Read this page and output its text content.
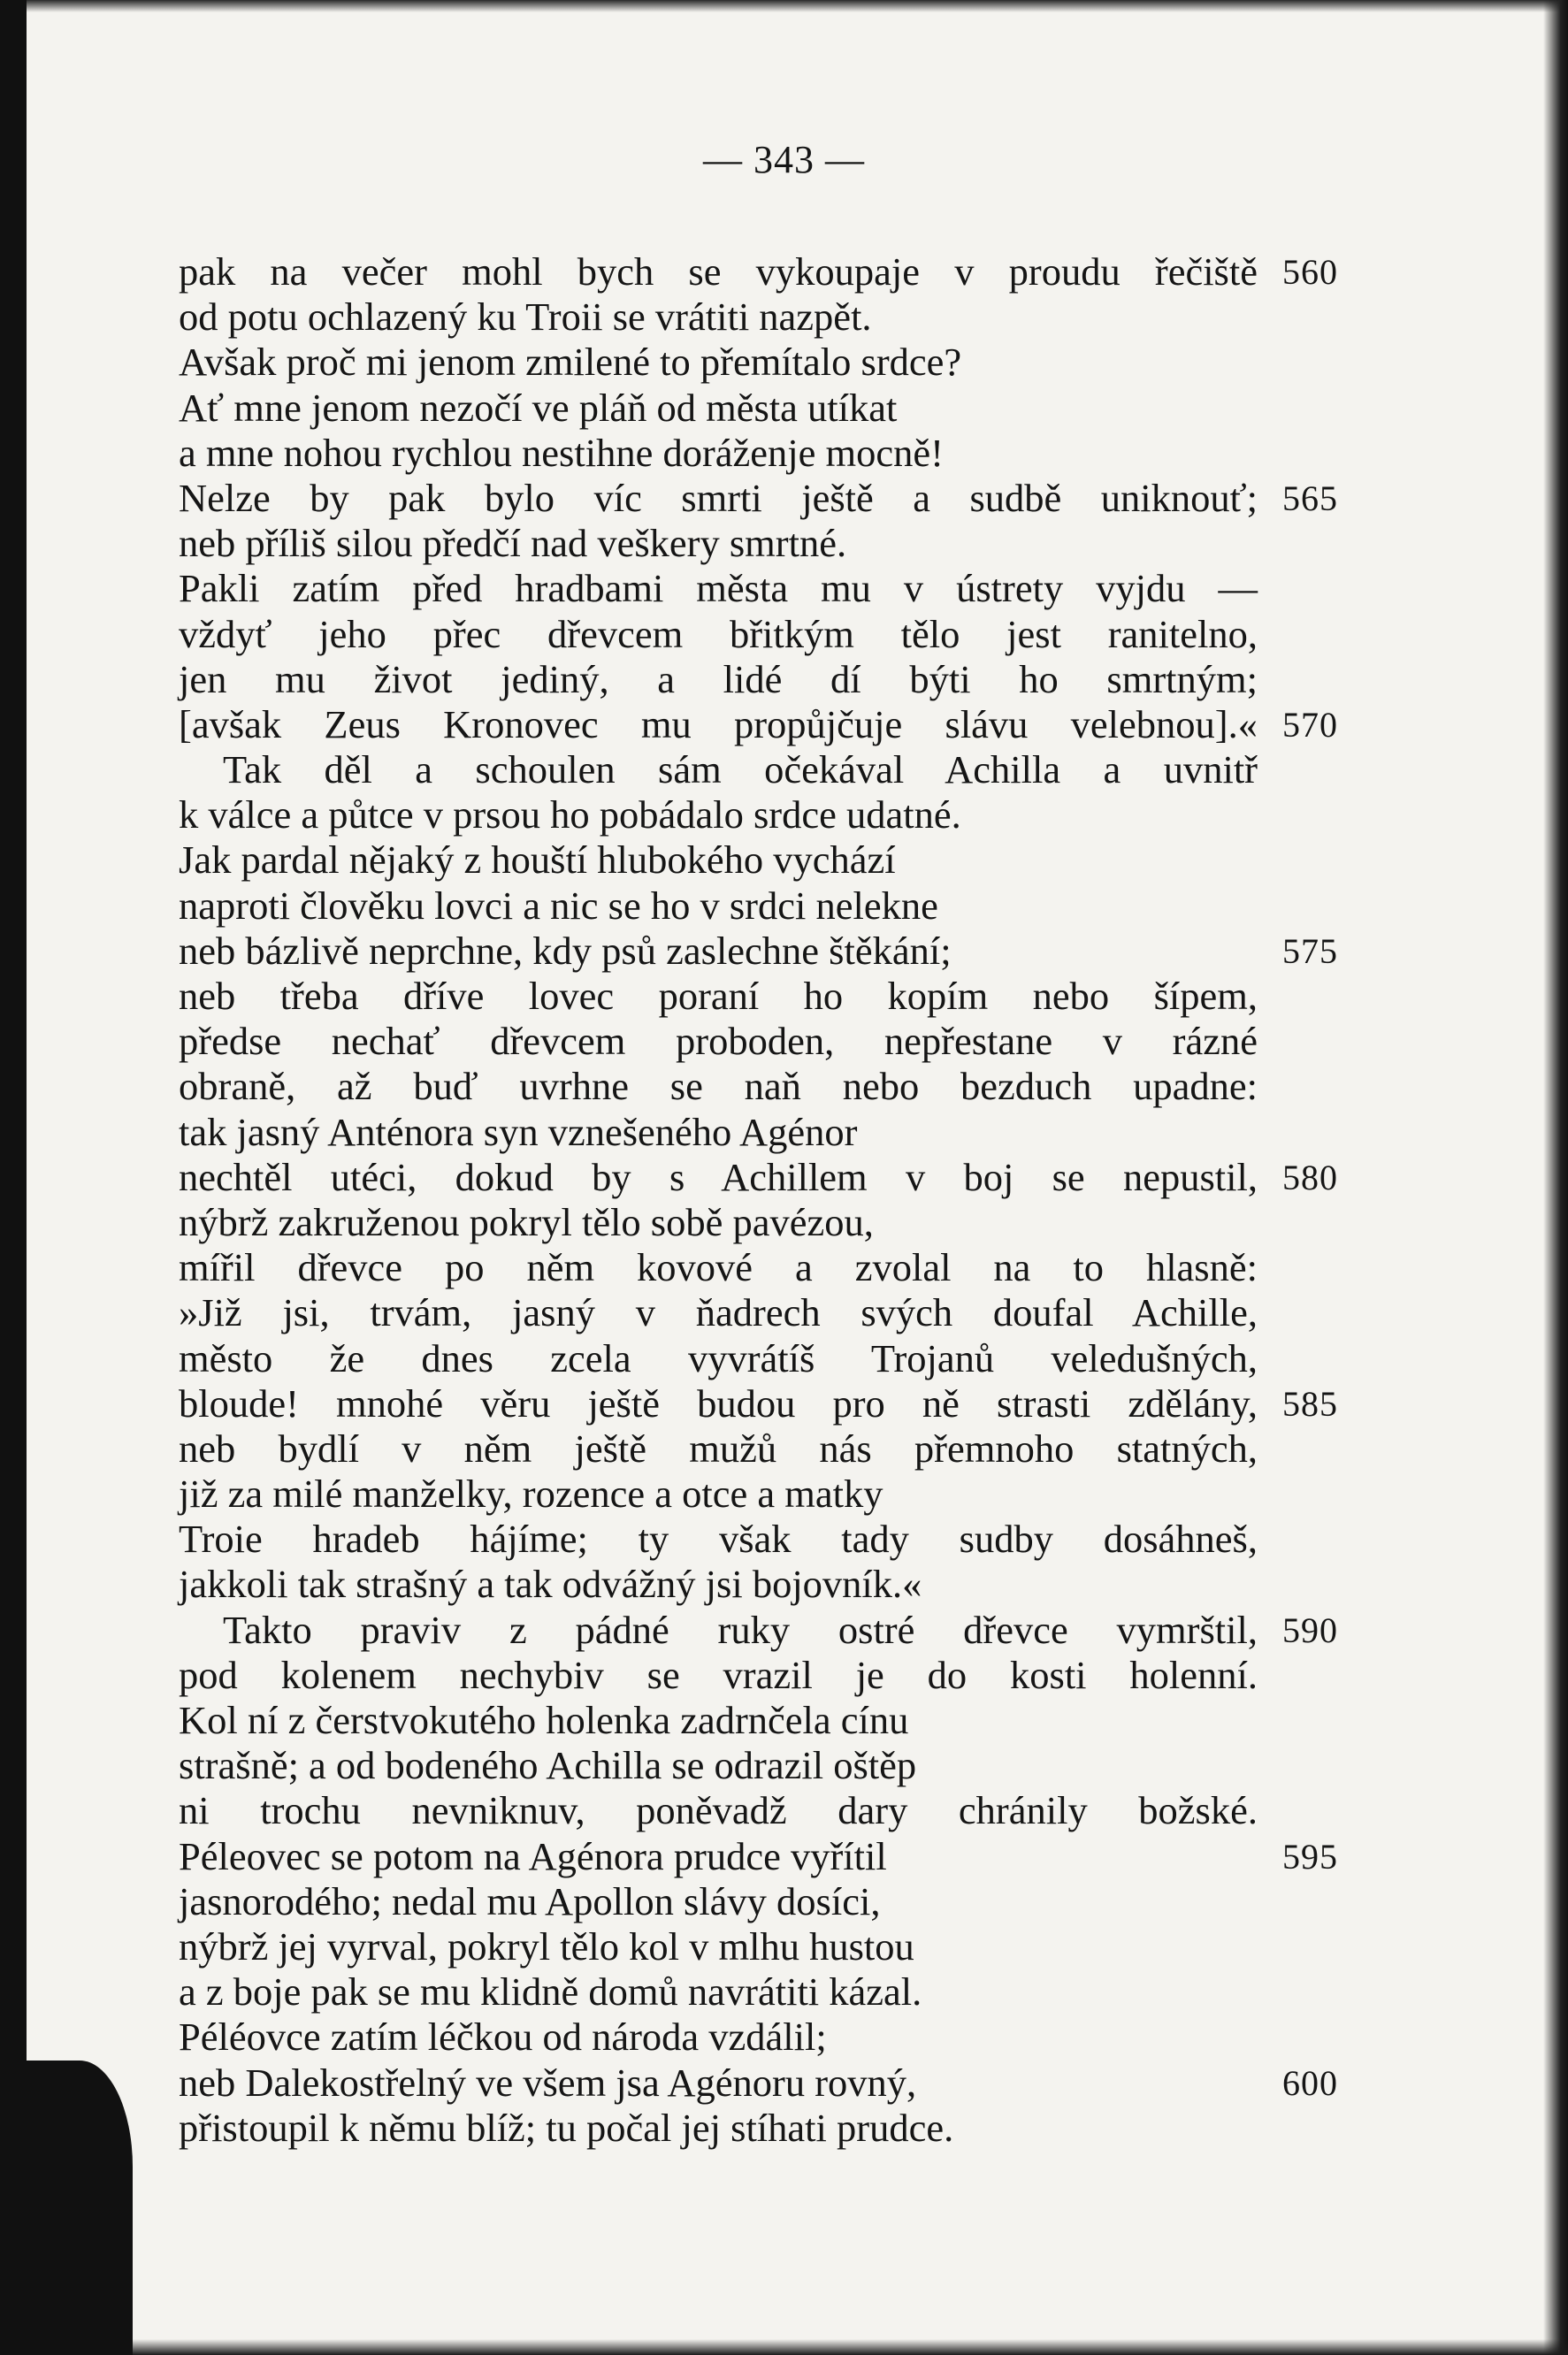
— 343 —
pak na večer mohl bych se vykoupaje v proudu řečiště 560
od potu ochlazený ku Troii se vrátiti nazpět.
Avšak proč mi jenom zmilené to přemítalo srdce?
Ať mne jenom nezočí ve pláň od města utíkat
a mne nohou rychlou nestihne doráženje mocně!
Nelze by pak bylo víc smrti ještě a sudbě uniknouť; 565
neb příliš silou předčí nad veškery smrtné.
Pakli zatím před hradbami města mu v ústrety vyjdu —
vždyť jeho přec dřevcem břitkým tělo jest ranitelno,
jen mu život jediný, a lidé dí býti ho smrtným;
[avšak Zeus Kronovec mu propůjčuje slávu velebnou].« 570
Tak děl a schoulen sám očekával Achilla a uvnitř
k válce a půtce v prsou ho pobádalo srdce udatné.
Jak pardal nějaký z houští hlubokého vychází
naproti člověku lovci a nic se ho v srdci nelekne
neb bázlivě neprchne, kdy psů zaslechne štěkání;	575
neb třeba dříve lovec poraní ho kopím nebo šípem,
předse nechať dřevcem proboden, nepřestane v rázné
obraně, až buď uvrhne se naň nebo bezduch upadne:
tak jasný Anténora syn vznešeného Agénor
nechtěl utéci, dokud by s Achillem v boj se nepustil, 580
nýbrž zakruženou pokryl tělo sobě pavézou,
mířil dřevce po něm kovové a zvolal na to hlasně:
»Již jsi, trvám, jasný v ňadrech svých doufal Achille,
město že dnes zcela vyvrátíš Trojanů veledušných,
bloude! mnohé věru ještě budou pro ně strasti zdělány, 585
neb bydlí v něm ještě mužů nás přemnoho statných,
již za milé manželky, rozence a otce a matky
Troie hradeb hájíme; ty však tady sudby dosáhneš,
jakkoli tak strašný a tak odvážný jsi bojovník.«
Takto praviv z pádné ruky ostré dřevce vymrštil, 590
pod kolenem nechybiv se vrazil je do kosti holenní.
Kol ní z čerstvokutého holenka zadrnčela cínu
strašně; a od bodeného Achilla se odrazil oštěp
ni trochu nevniknuv, poněvadž dary chránily božské.
Péleovec se potom na Agénora prudce vyřítil	595
jasnorodého; nedal mu Apollon slávy dosíci,
nýbrž jej vyrval, pokryl tělo kol v mlhu hustou
a z boje pak se mu klidně domů navrátiti kázal.
Péléovce zatím léčkou od národa vzdálil;
neb Dalekostřelný ve všem jsa Agénoru rovný,	600
přistoupil k němu blíž; tu počal jej stíhati prudce.
